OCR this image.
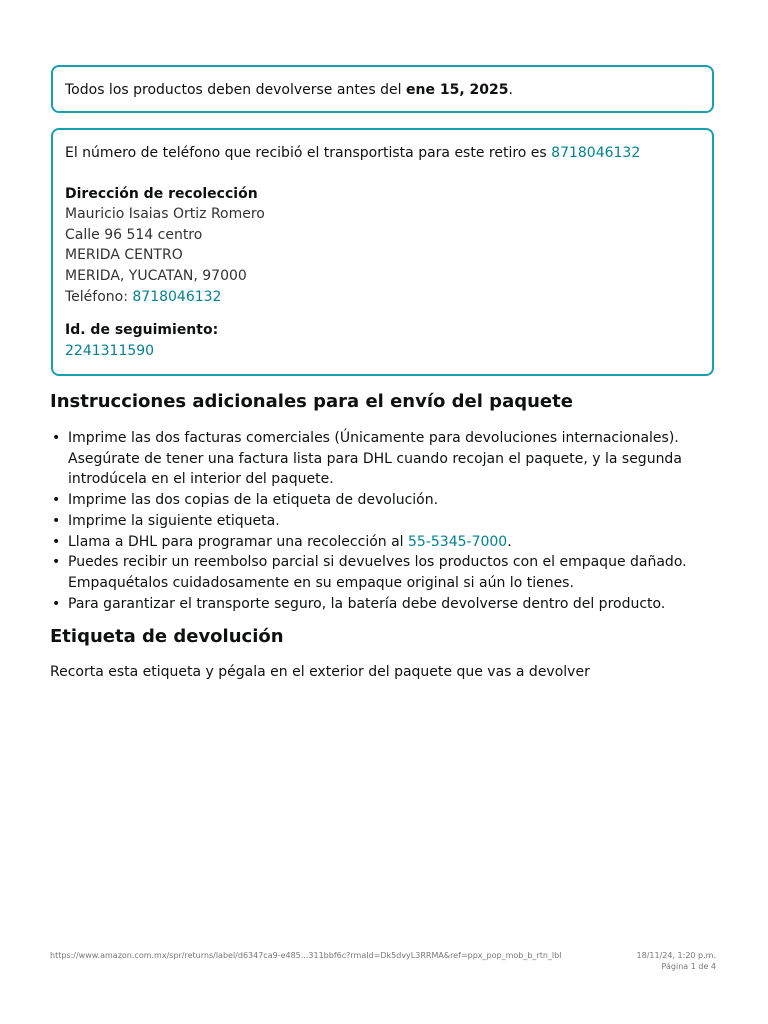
Todos los productos deben devolverse antes del ene 15, 2025.
El número de teléfono que recibió el transportista para este retiro es 8718046132
Dirección de recolección
Mauricio Isaias Ortiz Romero
Calle 96 514 centro
MERIDA CENTRO
MERIDA, YUCATAN, 97000
Teléfono: 8718046132
Id. de seguimiento:
2241311590
Instrucciones adicionales para el envío del paquete
• Imprime las dos facturas comerciales (Únicamente para devoluciones internacionales). Asegúrate de tener una factura lista para DHL cuando recojan el paquete, y la segunda introdúcela en el interior del paquete.
• Imprime las dos copias de la etiqueta de devolución.
• Imprime la siguiente etiqueta.
• Llama a DHL para programar una recolección al 55-5345-7000.
• Puedes recibir un reembolso parcial si devuelves los productos con el empaque dañado. Empaquétalos cuidadosamente en su empaque original si aún lo tienes.
• Para garantizar el transporte seguro, la batería debe devolverse dentro del producto.
Etiqueta de devolución
Recorta esta etiqueta y pégala en el exterior del paquete que vas a devolver
https://www.amazon.com.mx/spr/returns/label/d6347ca9-e485...311bbf6c?rmaId=Dk5dvyL3RRMA&ref=ppx_pop_mob_b_rtn_lbl	18/11/24, 1:20 p.m.
Página 1 de 4
